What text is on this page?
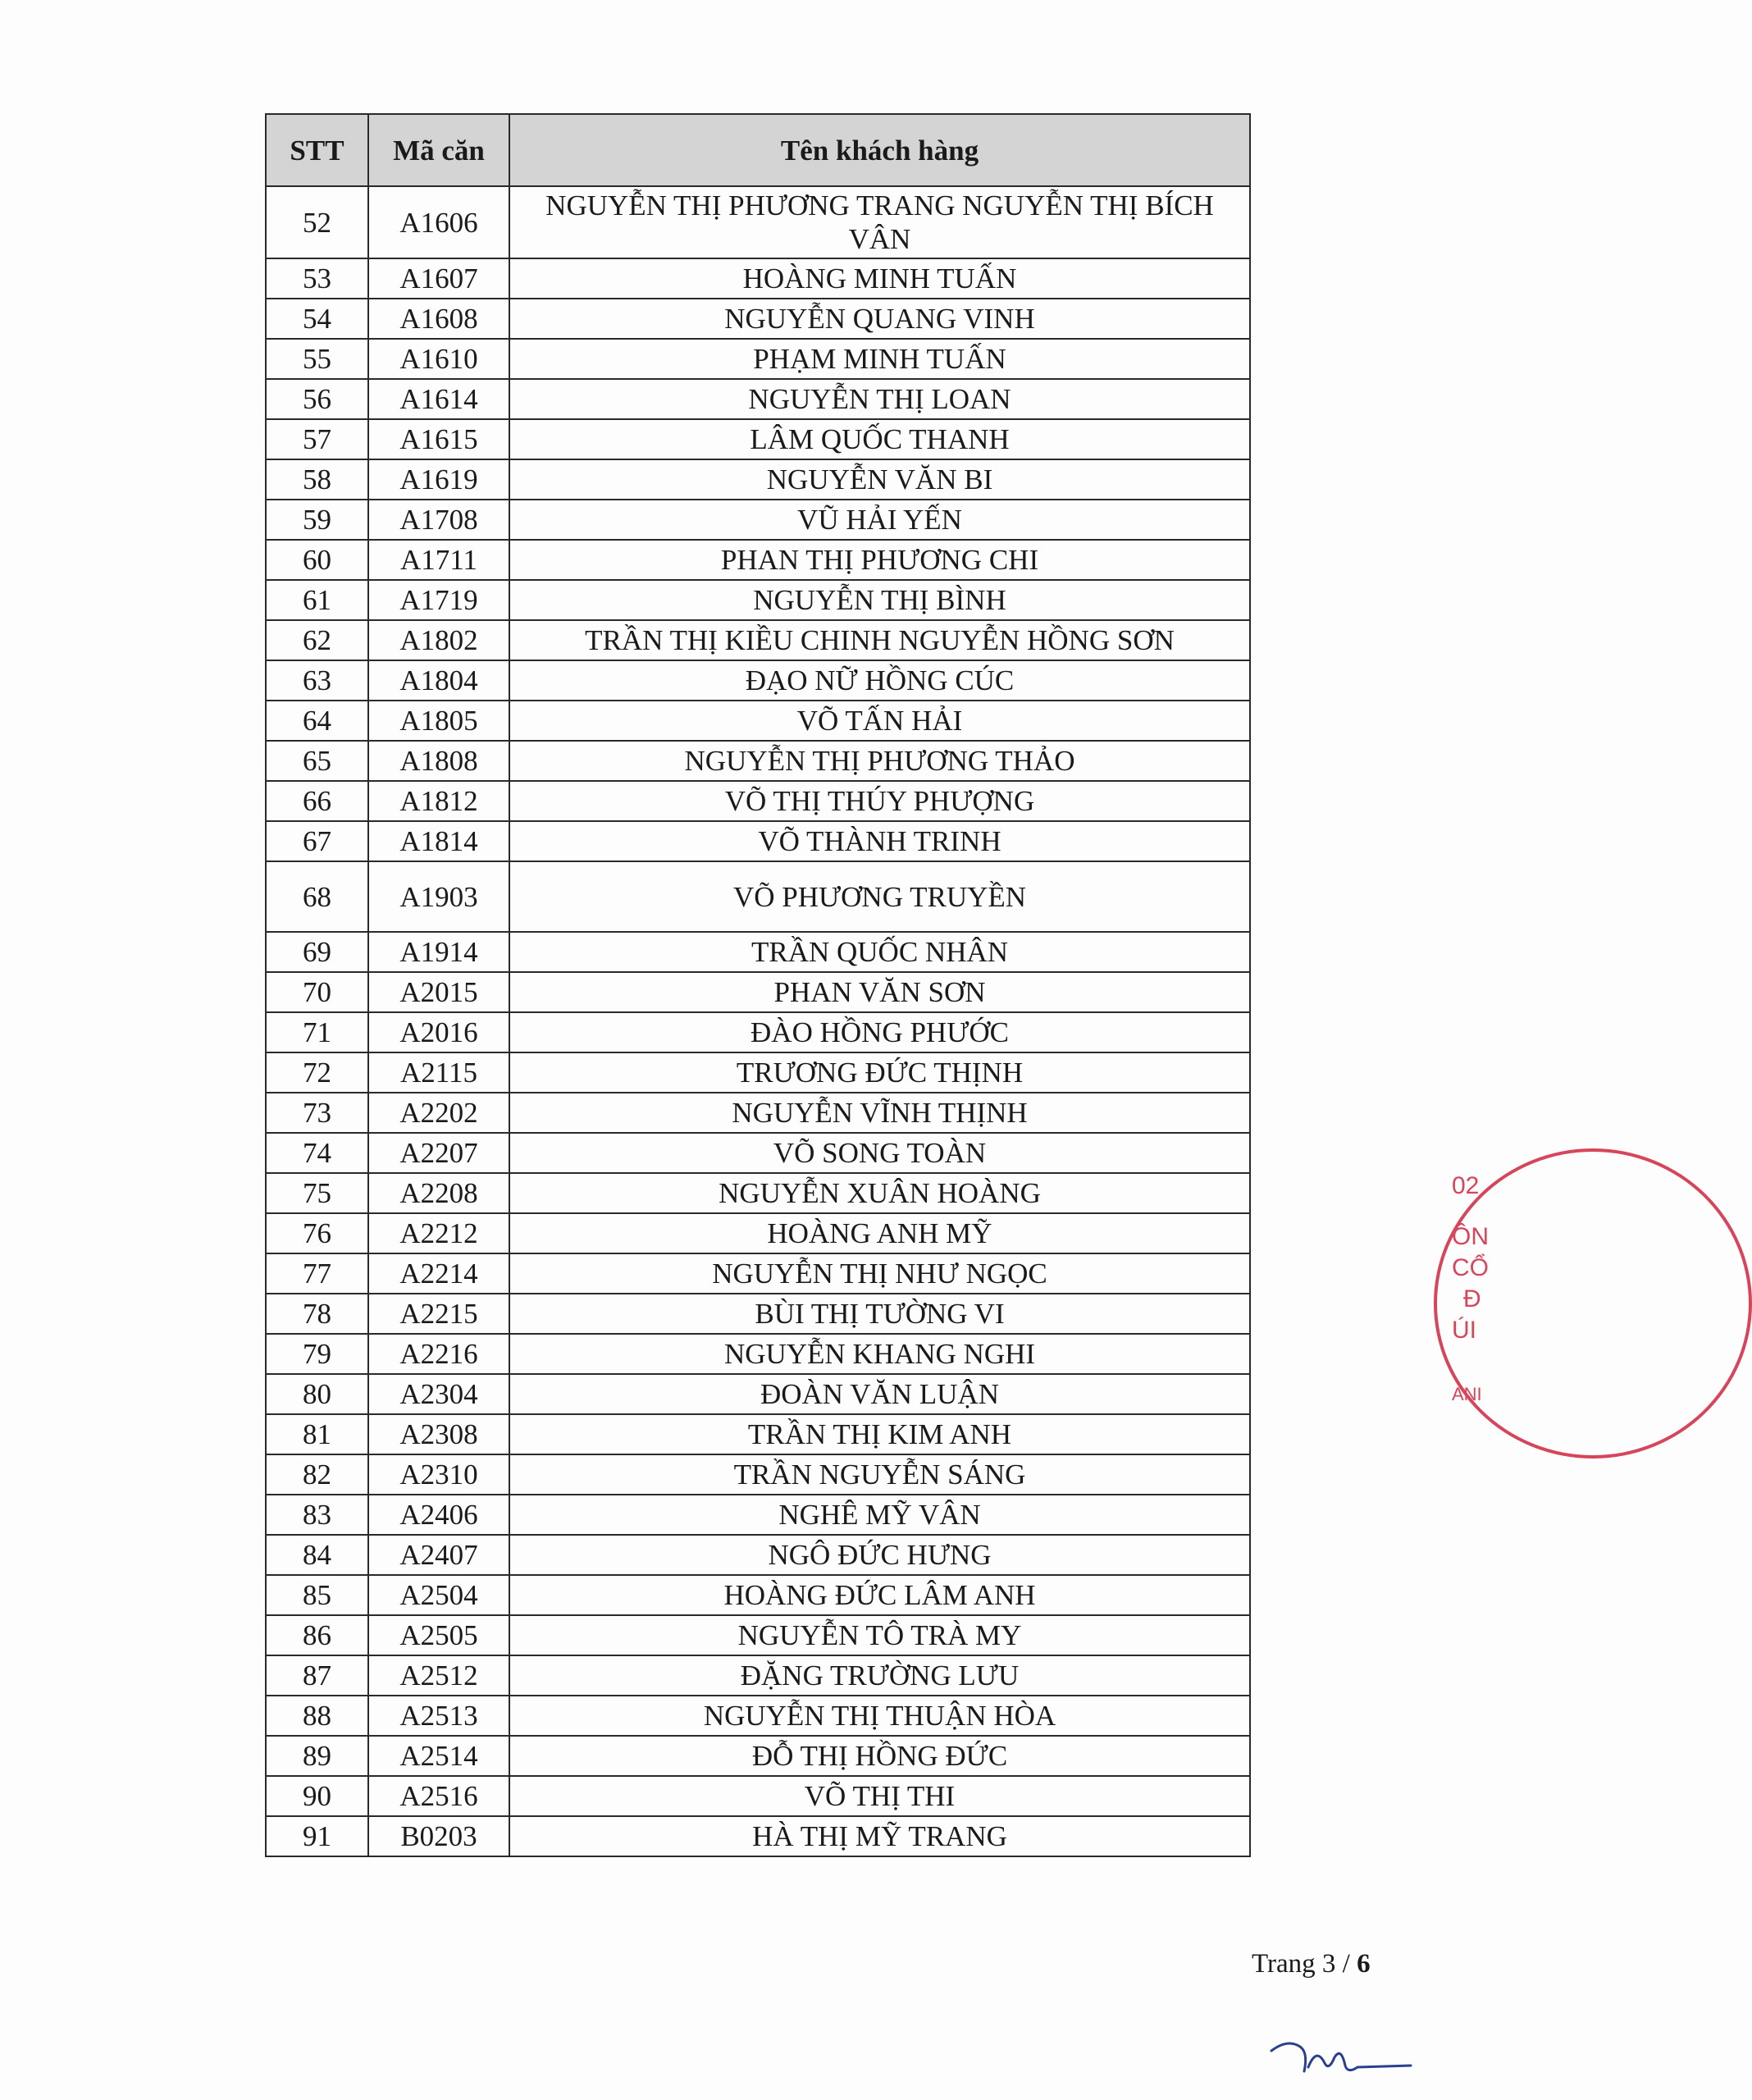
STT	Mã căn	Tên khách hàng
52	A1606	NGUYỄN THỊ PHƯƠNG TRANG NGUYỄN THỊ BÍCH VÂN
53	A1607	HOÀNG MINH TUẤN
54	A1608	NGUYỄN QUANG VINH
55	A1610	PHẠM MINH TUẤN
56	A1614	NGUYỄN THỊ LOAN
57	A1615	LÂM QUỐC THANH
58	A1619	NGUYỄN VĂN BI
59	A1708	VŨ HẢI YẾN
60	A1711	PHAN THỊ PHƯƠNG CHI
61	A1719	NGUYỄN THỊ BÌNH
62	A1802	TRẦN THỊ KIỀU CHINH NGUYỄN HỒNG SƠN
63	A1804	ĐẠO NỮ HỒNG CÚC
64	A1805	VÕ TẤN HẢI
65	A1808	NGUYỄN THỊ PHƯƠNG THẢO
66	A1812	VÕ THỊ THÚY PHƯỢNG
67	A1814	VÕ THÀNH TRINH
68	A1903	VÕ PHƯƠNG TRUYỀN
69	A1914	TRẦN QUỐC NHÂN
70	A2015	PHAN VĂN SƠN
71	A2016	ĐÀO HỒNG PHƯỚC
72	A2115	TRƯƠNG ĐỨC THỊNH
73	A2202	NGUYỄN VĨNH THỊNH
74	A2207	VÕ SONG TOÀN
75	A2208	NGUYỄN XUÂN HOÀNG
76	A2212	HOÀNG ANH MỸ
77	A2214	NGUYỄN THỊ NHƯ NGỌC
78	A2215	BÙI THỊ TƯỜNG VI
79	A2216	NGUYỄN KHANG NGHI
80	A2304	ĐOÀN VĂN LUẬN
81	A2308	TRẦN THỊ KIM ANH
82	A2310	TRẦN NGUYỄN SÁNG
83	A2406	NGHÊ MỸ VÂN
84	A2407	NGÔ ĐỨC HƯNG
85	A2504	HOÀNG ĐỨC LÂM ANH
86	A2505	NGUYỄN TÔ TRÀ MY
87	A2512	ĐẶNG TRƯỜNG LƯU
88	A2513	NGUYỄN THỊ THUẬN HÒA
89	A2514	ĐỖ THỊ HỒNG ĐỨC
90	A2516	VÕ THỊ THI
91	B0203	HÀ THỊ MỸ TRANG
Trang 3 / 6
02
ÔN
CỔ
Đ
ÚI
ANI
